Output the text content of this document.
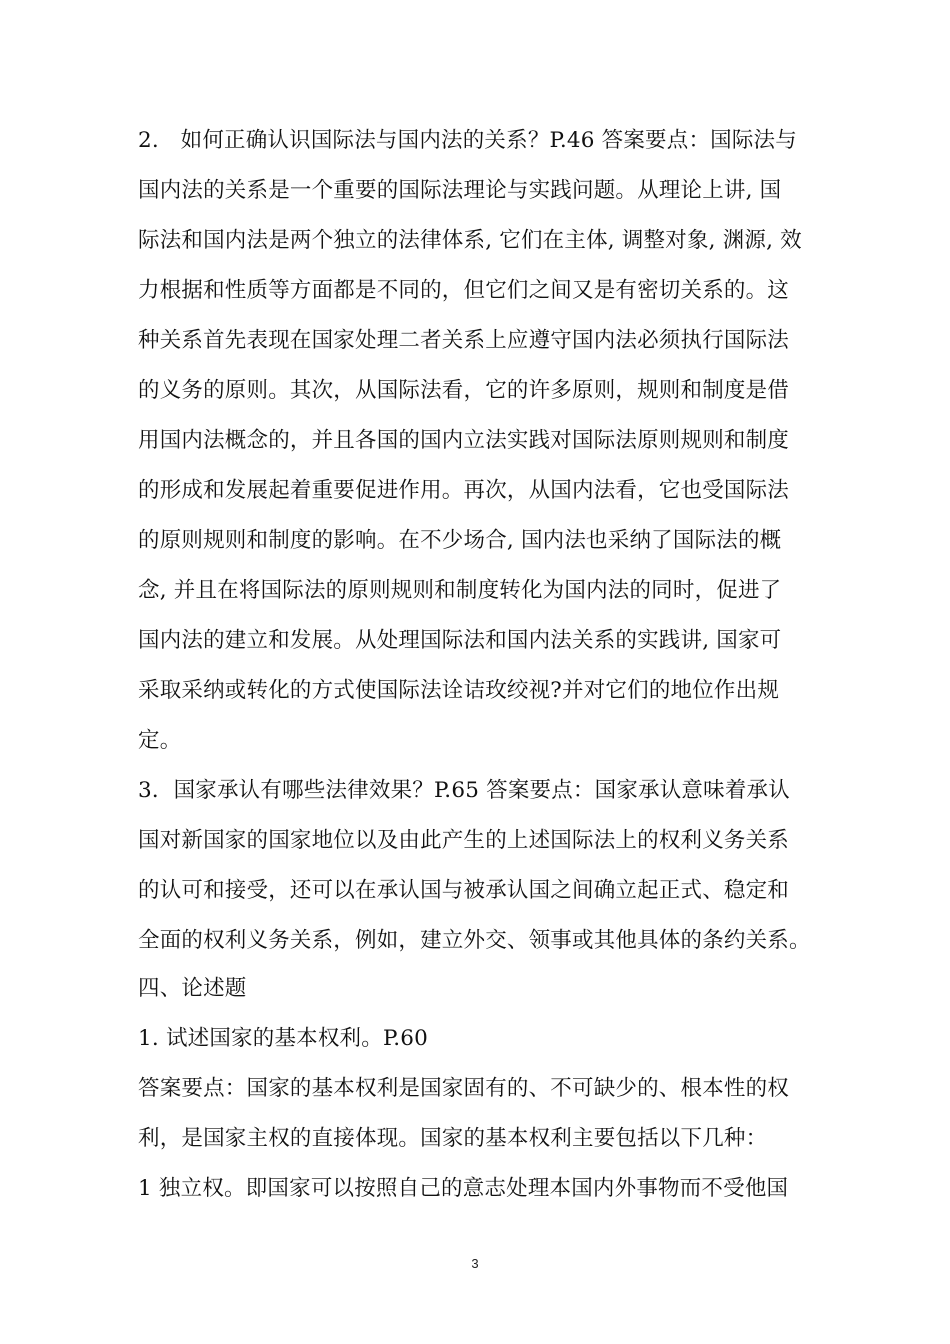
2. 如何正确认识国际法与国内法的关系？P.46 答案要点：国际法与
国内法的关系是一个重要的国际法理论与实践问题。从理论上讲, 国
际法和国内法是两个独立的法律体系, 它们在主体, 调整对象, 渊源, 效
力根据和性质等方面都是不同的，但它们之间又是有密切关系的。这
种关系首先表现在国家处理二者关系上应遵守国内法必须执行国际法
的义务的原则。其次，从国际法看，它的许多原则，规则和制度是借
用国内法概念的，并且各国的国内立法实践对国际法原则规则和制度
的形成和发展起着重要促进作用。再次，从国内法看，它也受国际法
的原则规则和制度的影响。在不少场合, 国内法也采纳了国际法的概
念, 并且在将国际法的原则规则和制度转化为国内法的同时，促进了
国内法的建立和发展。从处理国际法和国内法关系的实践讲, 国家可
采取采纳或转化的方式使国际法诠诘玫绞视?并对它们的地位作出规
定。
3．国家承认有哪些法律效果？P.65 答案要点：国家承认意味着承认
国对新国家的国家地位以及由此产生的上述国际法上的权利义务关系
的认可和接受，还可以在承认国与被承认国之间确立起正式、稳定和
全面的权利义务关系，例如，建立外交、领事或其他具体的条约关系。
四、论述题
1. 试述国家的基本权利。P.60
答案要点：国家的基本权利是国家固有的、不可缺少的、根本性的权
利，是国家主权的直接体现。国家的基本权利主要包括以下几种：
1 独立权。即国家可以按照自己的意志处理本国内外事物而不受他国
3
